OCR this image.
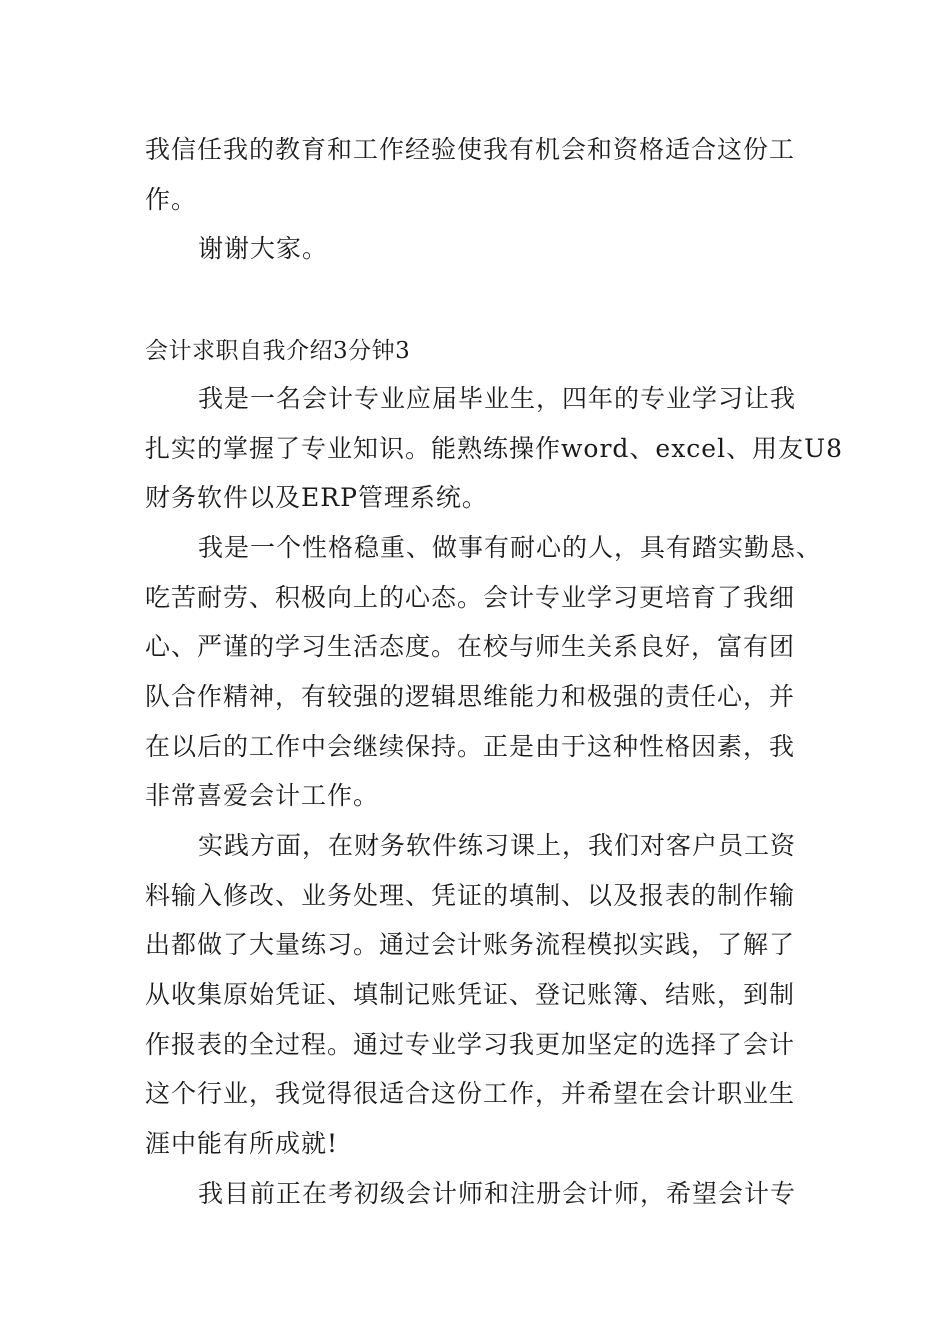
我信任我的教育和工作经验使我有机会和资格适合这份工
作。
谢谢大家。
会计求职自我介绍3分钟3
我是一名会计专业应届毕业生，四年的专业学习让我
扎实的掌握了专业知识。能熟练操作word、excel、用友U8
财务软件以及ERP管理系统。
我是一个性格稳重、做事有耐心的人，具有踏实勤恳、
吃苦耐劳、积极向上的心态。会计专业学习更培育了我细
心、严谨的学习生活态度。在校与师生关系良好，富有团
队合作精神，有较强的逻辑思维能力和极强的责任心，并
在以后的工作中会继续保持。正是由于这种性格因素，我
非常喜爱会计工作。
实践方面，在财务软件练习课上，我们对客户员工资
料输入修改、业务处理、凭证的填制、以及报表的制作输
出都做了大量练习。通过会计账务流程模拟实践，了解了
从收集原始凭证、填制记账凭证、登记账簿、结账，到制
作报表的全过程。通过专业学习我更加坚定的选择了会计
这个行业，我觉得很适合这份工作，并希望在会计职业生
涯中能有所成就!
我目前正在考初级会计师和注册会计师，希望会计专
